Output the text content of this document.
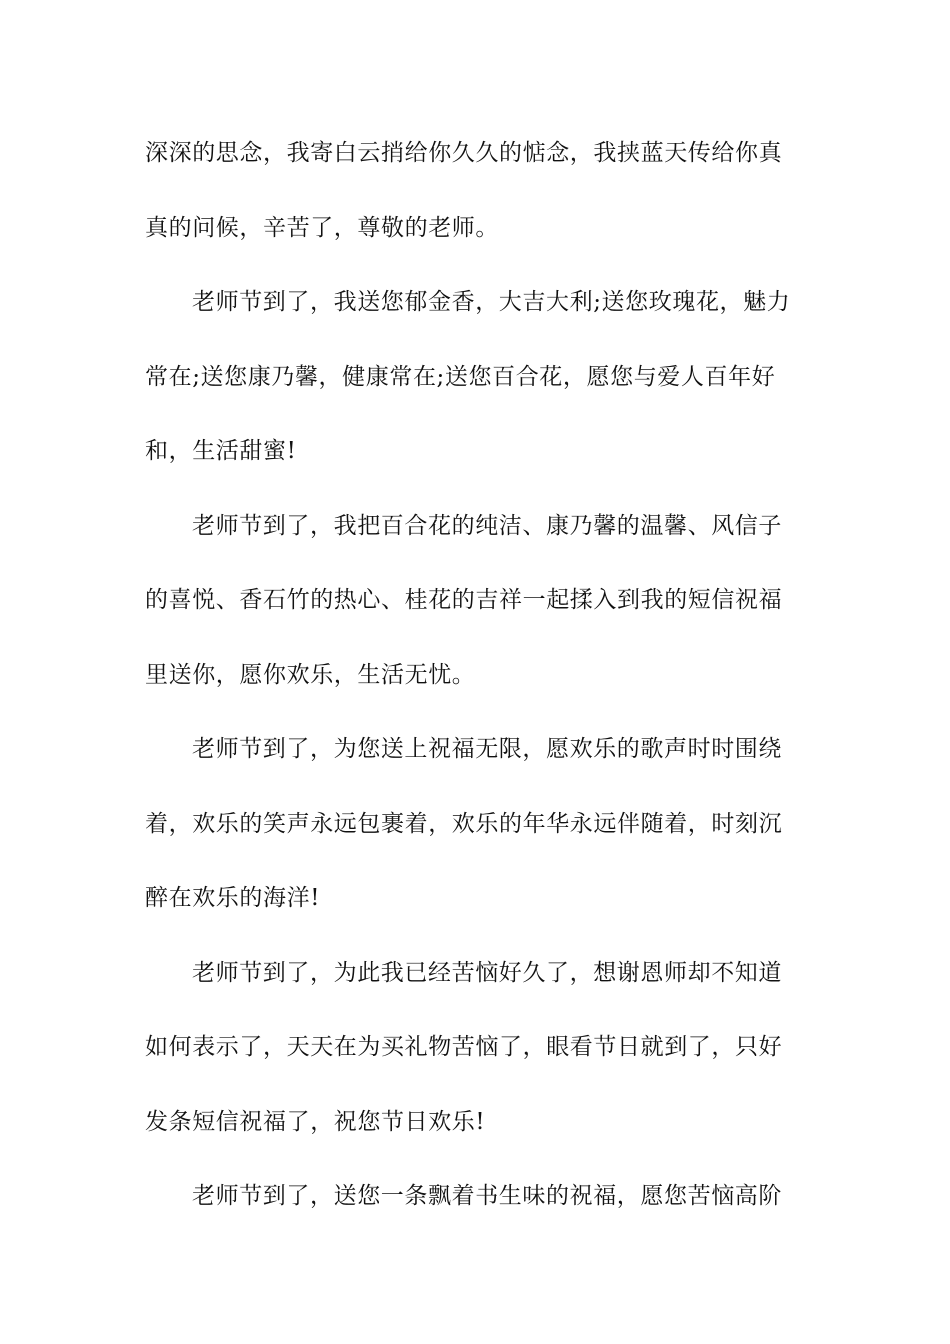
深深的思念，我寄白云捎给你久久的惦念，我挟蓝天传给你真
真的问候，辛苦了，尊敬的老师。
老师节到了，我送您郁金香，大吉大利;送您玫瑰花，魅力
常在;送您康乃馨，健康常在;送您百合花，愿您与爱人百年好
和，生活甜蜜!
老师节到了，我把百合花的纯洁、康乃馨的温馨、风信子
的喜悦、香石竹的热心、桂花的吉祥一起揉入到我的短信祝福
里送你，愿你欢乐，生活无忧。
老师节到了，为您送上祝福无限，愿欢乐的歌声时时围绕
着，欢乐的笑声永远包裹着，欢乐的年华永远伴随着，时刻沉
醉在欢乐的海洋!
老师节到了，为此我已经苦恼好久了，想谢恩师却不知道
如何表示了，天天在为买礼物苦恼了，眼看节日就到了，只好
发条短信祝福了，祝您节日欢乐!
老师节到了，送您一条飘着书生味的祝福，愿您苦恼高阶
